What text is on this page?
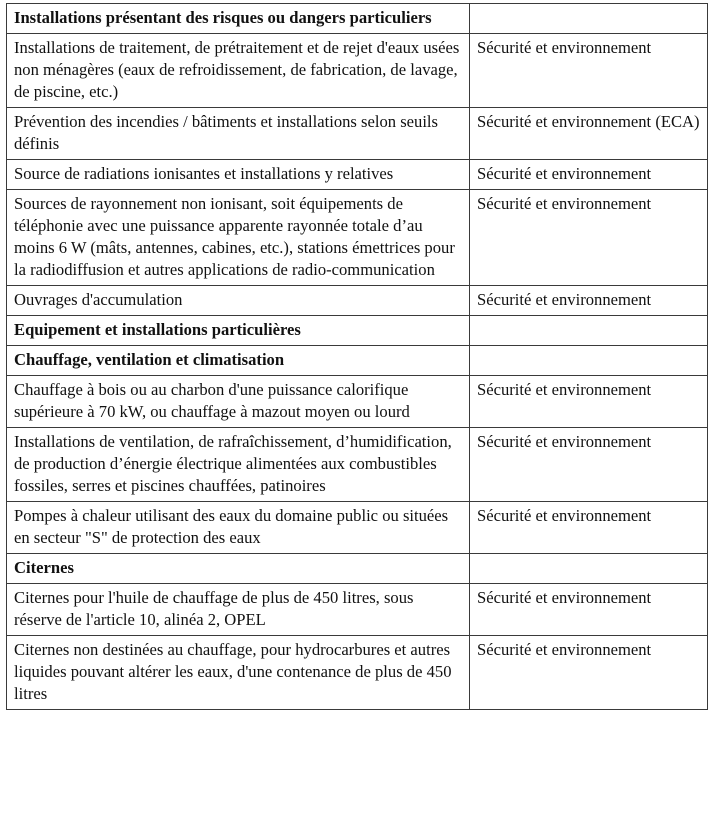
Installations présentant des risques ou dangers particuliers	
Installations de traitement, de prétraitement et de rejet d'eaux usées non ménagères (eaux de refroidissement, de fabrication, de lavage, de piscine, etc.)	Sécurité et environnement
Prévention des incendies / bâtiments et installations selon seuils définis	Sécurité et environnement (ECA)
Source de radiations ionisantes et installations y relatives	Sécurité et environnement
Sources de rayonnement non ionisant, soit équipements de téléphonie avec une puissance apparente rayonnée totale d’au moins 6 W (mâts, antennes, cabines, etc.), stations émettrices pour la radiodiffusion et autres applications de radio-communication	Sécurité et environnement
Ouvrages d'accumulation	Sécurité et environnement
Equipement et installations particulières	
Chauffage, ventilation et climatisation	
Chauffage à bois ou au charbon d'une puissance calorifique supérieure à 70 kW, ou chauffage à mazout moyen ou lourd	Sécurité et environnement
Installations de ventilation, de rafraîchissement, d’humidification, de production d’énergie électrique alimentées aux combustibles fossiles, serres et piscines chauffées, patinoires	Sécurité et environnement
Pompes à chaleur utilisant des eaux du domaine public ou situées en secteur "S" de protection des eaux	Sécurité et environnement
Citernes	
Citernes pour l'huile de chauffage de plus de 450 litres, sous réserve de l'article 10, alinéa 2, OPEL	Sécurité et environnement
Citernes non destinées au chauffage, pour hydrocarbures et autres liquides pouvant altérer les eaux, d'une contenance de plus de 450 litres	Sécurité et environnement
